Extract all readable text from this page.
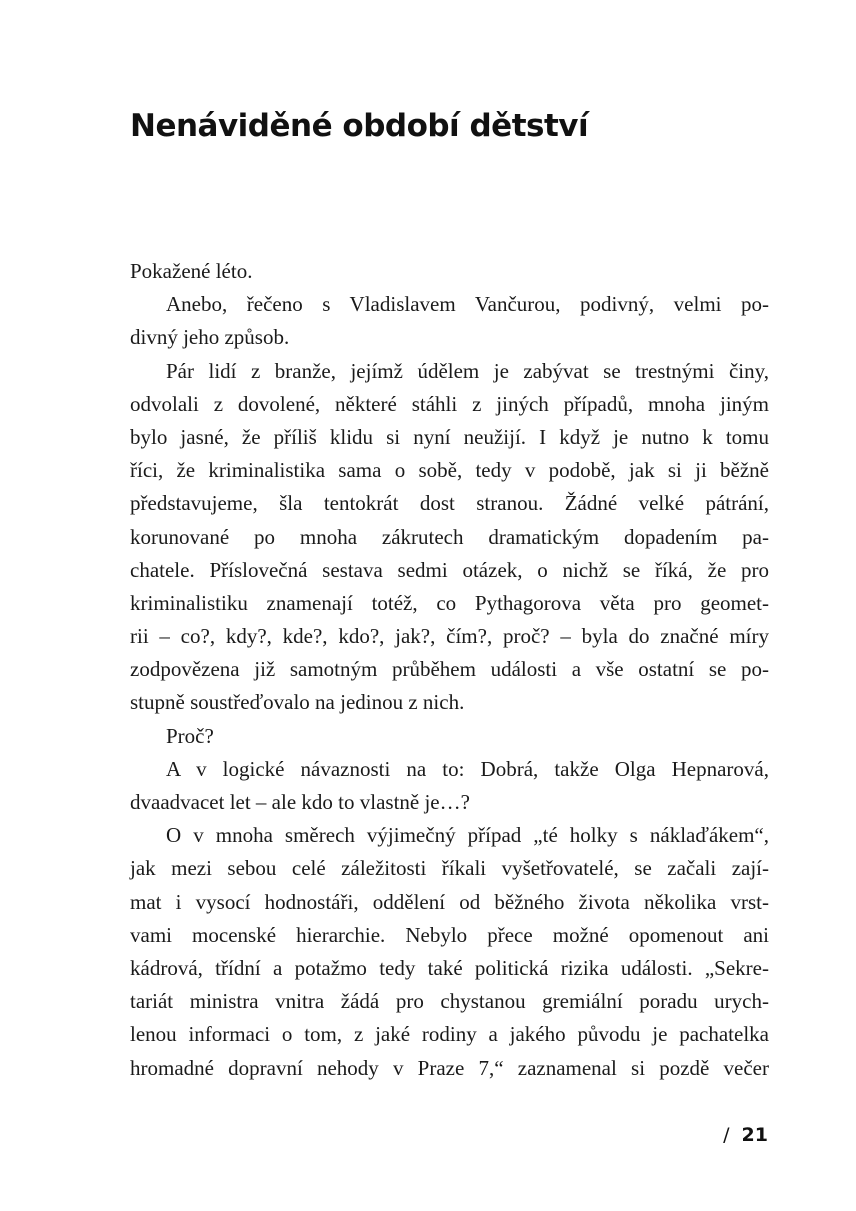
Nenáviděné období dětství
Pokažené léto.
Anebo, řečeno s Vladislavem Vančurou, podivný, velmi po-
divný jeho způsob.
Pár lidí z branže, jejímž údělem je zabývat se trestnými činy,
odvolali z dovolené, některé stáhli z jiných případů, mnoha jiným
bylo jasné, že příliš klidu si nyní neužijí. I když je nutno k tomu
říci, že kriminalistika sama o sobě, tedy v podobě, jak si ji běžně
představujeme, šla tentokrát dost stranou. Žádné velké pátrání,
korunované po mnoha zákrutech dramatickým dopadením pa-
chatele. Příslovečná sestava sedmi otázek, o nichž se říká, že pro
kriminalistiku znamenají totéž, co Pythagorova věta pro geomet-
rii – co?, kdy?, kde?, kdo?, jak?, čím?, proč? – byla do značné míry
zodpovězena již samotným průběhem události a vše ostatní se po-
stupně soustřeďovalo na jedinou z nich.
Proč?
A v logické návaznosti na to: Dobrá, takže Olga Hepnarová,
dvaadvacet let – ale kdo to vlastně je…?
O v mnoha směrech výjimečný případ „té holky s náklaďákem“,
jak mezi sebou celé záležitosti říkali vyšetřovatelé, se začali zají-
mat i vysocí hodnostáři, oddělení od běžného života několika vrst-
vami mocenské hierarchie. Nebylo přece možné opomenout ani
kádrová, třídní a potažmo tedy také politická rizika události. „Sekre-
tariát ministra vnitra žádá pro chystanou gremiální poradu urych-
lenou informaci o tom, z jaké rodiny a jakého původu je pachatelka
hromadné dopravní nehody v Praze 7,“ zaznamenal si pozdě večer
/ 21
